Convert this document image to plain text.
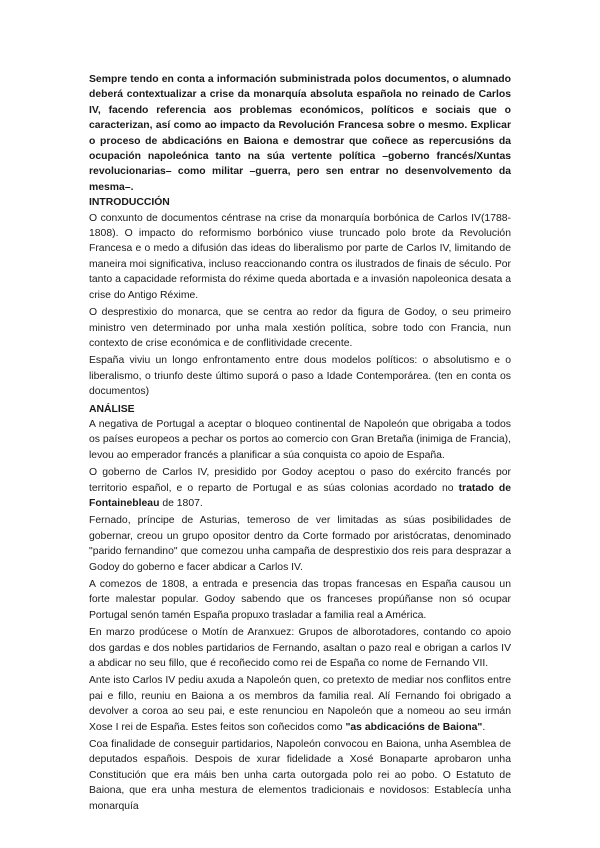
Sempre tendo en conta a información subministrada polos documentos, o alumnado deberá contextualizar a crise da monarquía absoluta española no reinado de Carlos IV, facendo referencia aos problemas económicos, políticos e sociais que o caracterizan, así como ao impacto da Revolución Francesa sobre o mesmo. Explicar o proceso de abdicacións en Baiona e demostrar que coñece as repercusións da ocupación napoleónica tanto na súa vertente política –goberno francés/Xuntas revolucionarias– como militar –guerra, pero sen entrar no desenvolvemento da mesma–.

INTRODUCCIÓN

O conxunto de documentos céntrase na crise da monarquía borbónica de Carlos IV(1788-1808). O impacto do reformismo borbónico viuse truncado polo brote da Revolución Francesa e o medo a difusión das ideas do liberalismo por parte de Carlos IV, limitando de maneira moi significativa, incluso reaccionando contra os ilustrados de finais de século. Por tanto a capacidade reformista do réxime queda abortada e a invasión napoleonica desata a crise do Antigo Réxime.

O desprestixio do monarca, que se centra ao redor da figura de Godoy, o seu primeiro ministro ven determinado por unha mala xestión política, sobre todo con Francia, nun contexto de crise económica e de conflitividade crecente.

España viviu un longo enfrontamento entre dous modelos políticos: o absolutismo e o liberalismo, o triunfo deste último suporá o paso a Idade Contemporárea. (ten en conta os documentos)

ANÁLISE

A negativa de Portugal a aceptar o bloqueo continental de Napoleón que obrigaba a todos os países europeos a pechar os portos ao comercio con Gran Bretaña (inimiga de Francia), levou ao emperador francés a planificar a súa conquista co apoio de España.

O goberno de Carlos IV, presidido por Godoy aceptou o paso do exército francés por territorio español, e o reparto de Portugal e as súas colonias acordado no tratado de Fontainebleau de 1807.

Fernado, príncipe de Asturias, temeroso de ver limitadas as súas posibilidades de gobernar, creou un grupo opositor dentro da Corte formado por aristócratas, denominado "parido fernandino" que comezou unha campaña de desprestixio dos reis para desprazar a Godoy do goberno e facer abdicar a Carlos IV.

A comezos de 1808, a entrada e presencia das tropas francesas en España causou un forte malestar popular. Godoy sabendo que os franceses propúñanse non só ocupar Portugal senón tamén España propuxo trasladar a familia real a América.

En marzo prodúcese o Motín de Aranxuez: Grupos de alborotadores, contando co apoio dos gardas e dos nobles partidarios de Fernando, asaltan o pazo real e obrigan a carlos IV a abdicar no seu fillo, que é recoñecido como rei de España co nome de Fernando VII.

Ante isto Carlos IV pediu axuda a Napoleón quen, co pretexto de mediar nos conflitos entre pai e fillo, reuniu en Baiona a os membros da familia real. Alí Fernando foi obrigado a devolver a coroa ao seu pai, e este renunciou en Napoleón que a nomeou ao seu irmán Xose I rei de España. Estes feitos son coñecidos como "as abdicacións de Baiona".

Coa finalidade de conseguir partidarios, Napoleón convocou en Baiona, unha Asemblea de deputados españois. Despois de xurar fidelidade a Xosé Bonaparte aprobaron unha Constitución que era máis ben unha carta outorgada polo rei ao pobo. O Estatuto de Baiona, que era unha mestura de elementos tradicionais e novidosos: Establecía unha monarquía
